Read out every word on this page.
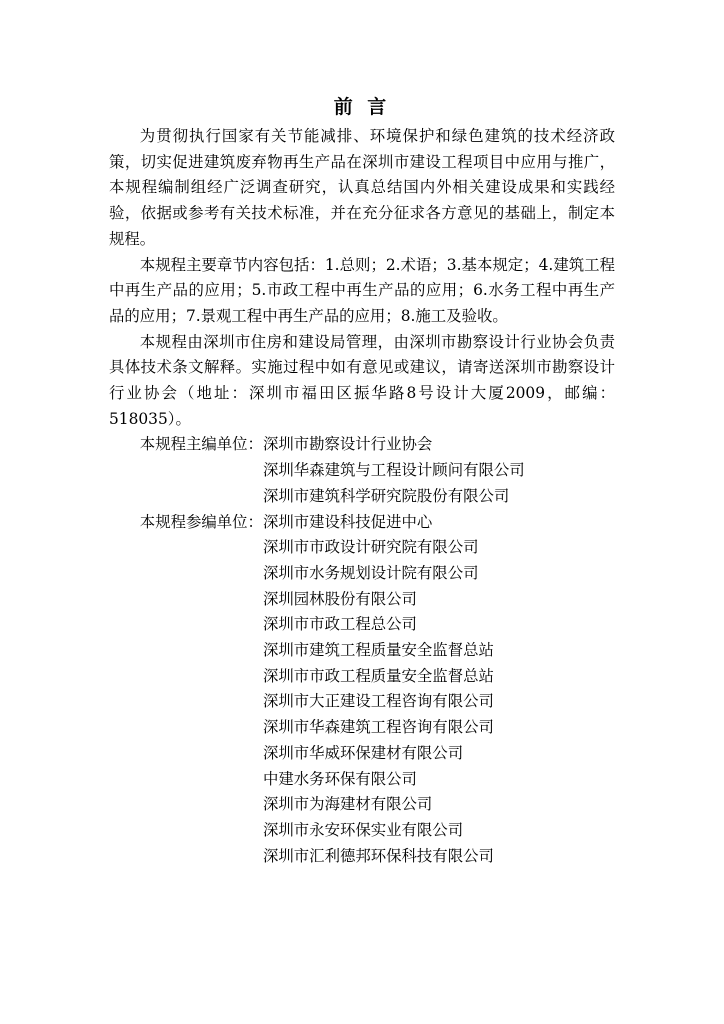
前 言

为贯彻执行国家有关节能减排、环境保护和绿色建筑的技术经济政策，切实促进建筑废弃物再生产品在深圳市建设工程项目中应用与推广，本规程编制组经广泛调查研究，认真总结国内外相关建设成果和实践经验，依据或参考有关技术标准，并在充分征求各方意见的基础上，制定本规程。

本规程主要章节内容包括：1.总则；2.术语；3.基本规定；4.建筑工程中再生产品的应用；5.市政工程中再生产品的应用；6.水务工程中再生产品的应用；7.景观工程中再生产品的应用；8.施工及验收。

本规程由深圳市住房和建设局管理，由深圳市勘察设计行业协会负责具体技术条文解释。实施过程中如有意见或建议，请寄送深圳市勘察设计行业协会（地址：深圳市福田区振华路8号设计大厦2009，邮编：518035）。

本规程主编单位： 深圳市勘察设计行业协会
深圳华森建筑与工程设计顾问有限公司
深圳市建筑科学研究院股份有限公司
本规程参编单位： 深圳市建设科技促进中心
深圳市市政设计研究院有限公司
深圳市水务规划设计院有限公司
深圳园林股份有限公司
深圳市市政工程总公司
深圳市建筑工程质量安全监督总站
深圳市市政工程质量安全监督总站
深圳市大正建设工程咨询有限公司
深圳市华森建筑工程咨询有限公司
深圳市华威环保建材有限公司
中建水务环保有限公司
深圳市为海建材有限公司
深圳市永安环保实业有限公司
深圳市汇利德邦环保科技有限公司
